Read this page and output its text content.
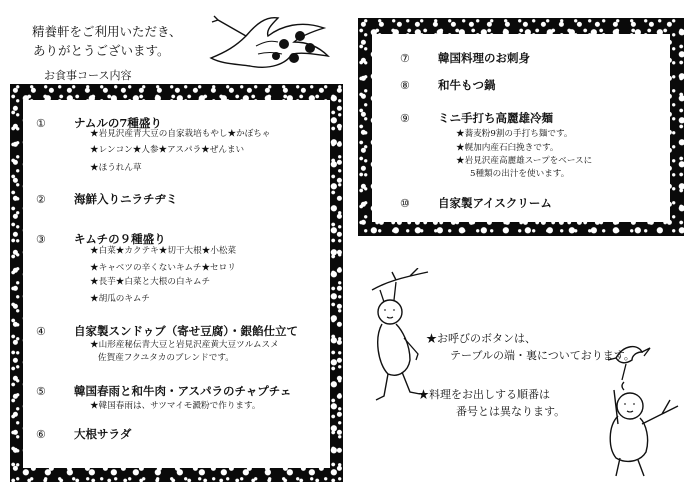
精養軒をご利用いただき、
ありがとうございます。
お食事コース内容
① ナムルの7種盛り
★岩見沢産青大豆の自家栽培もやし★かぼちゃ
★レンコン★人参★アスパラ★ぜんまい
★ほうれん草
② 海鮮入りニラチヂミ
③ キムチの９種盛り
★白菜★カクテキ★切干大根★小松菜
★キャベツの辛くないキムチ★セロリ
★長芋★白菜と大根の白キムチ
★胡瓜のキムチ
④ 自家製スンドゥブ（寄せ豆腐）・銀餡仕立て
★山形産秘伝青大豆と岩見沢産黄大豆ツルムスメ
佐賀産フクユタカのブレンドです。
⑤ 韓国春雨と和牛肉・アスパラのチャプチェ
★韓国春雨は、サツマイモ澱粉で作ります。
⑥ 大根サラダ
⑦ 韓国料理のお刺身
⑧ 和牛もつ鍋
⑨ ミニ手打ち高麗雄冷麺
★蕎麦粉9割の手打ち麺です。
★幌加内産石臼挽きです。
★岩見沢産高麗雄スープをベースに
5種類の出汁を使います。
⑩ 自家製アイスクリーム
★お呼びのボタンは、
テーブルの端・裏についております。
★料理をお出しする順番は
番号とは異なります。
